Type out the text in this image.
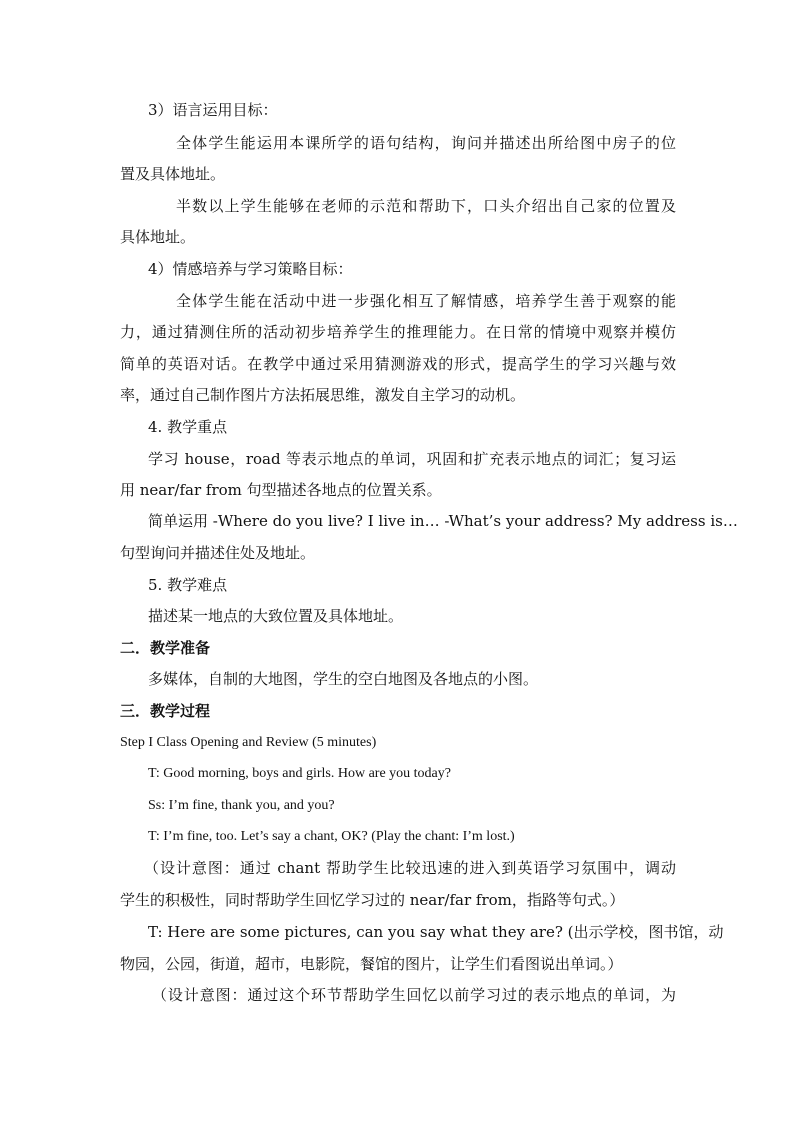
3）语言运用目标：
全体学生能运用本课所学的语句结构，询问并描述出所给图中房子的位
置及具体地址。
半数以上学生能够在老师的示范和帮助下，口头介绍出自己家的位置及
具体地址。
4）情感培养与学习策略目标：
全体学生能在活动中进一步强化相互了解情感，培养学生善于观察的能
力，通过猜测住所的活动初步培养学生的推理能力。在日常的情境中观察并模仿
简单的英语对话。在教学中通过采用猜测游戏的形式，提高学生的学习兴趣与效
率，通过自己制作图片方法拓展思维，激发自主学习的动机。
4. 教学重点
学习 house，road 等表示地点的单词，巩固和扩充表示地点的词汇；复习运
用 near/far from 句型描述各地点的位置关系。
简单运用 -Where do you live? I live in… -What’s your address? My address is…
句型询问并描述住处及地址。
5. 教学难点
描述某一地点的大致位置及具体地址。
二．教学准备
多媒体，自制的大地图，学生的空白地图及各地点的小图。
三．教学过程
Step I Class Opening and Review (5 minutes)
T: Good morning, boys and girls. How are you today?
Ss: I’m fine, thank you, and you?
T: I’m fine, too. Let’s say a chant, OK? (Play the chant: I’m lost.)
（设计意图：通过 chant 帮助学生比较迅速的进入到英语学习氛围中，调动
学生的积极性，同时帮助学生回忆学习过的 near/far from，指路等句式。）
T: Here are some pictures, can you say what they are? (出示学校，图书馆，动
物园，公园，街道，超市，电影院，餐馆的图片，让学生们看图说出单词。）
（设计意图：通过这个环节帮助学生回忆以前学习过的表示地点的单词，为
